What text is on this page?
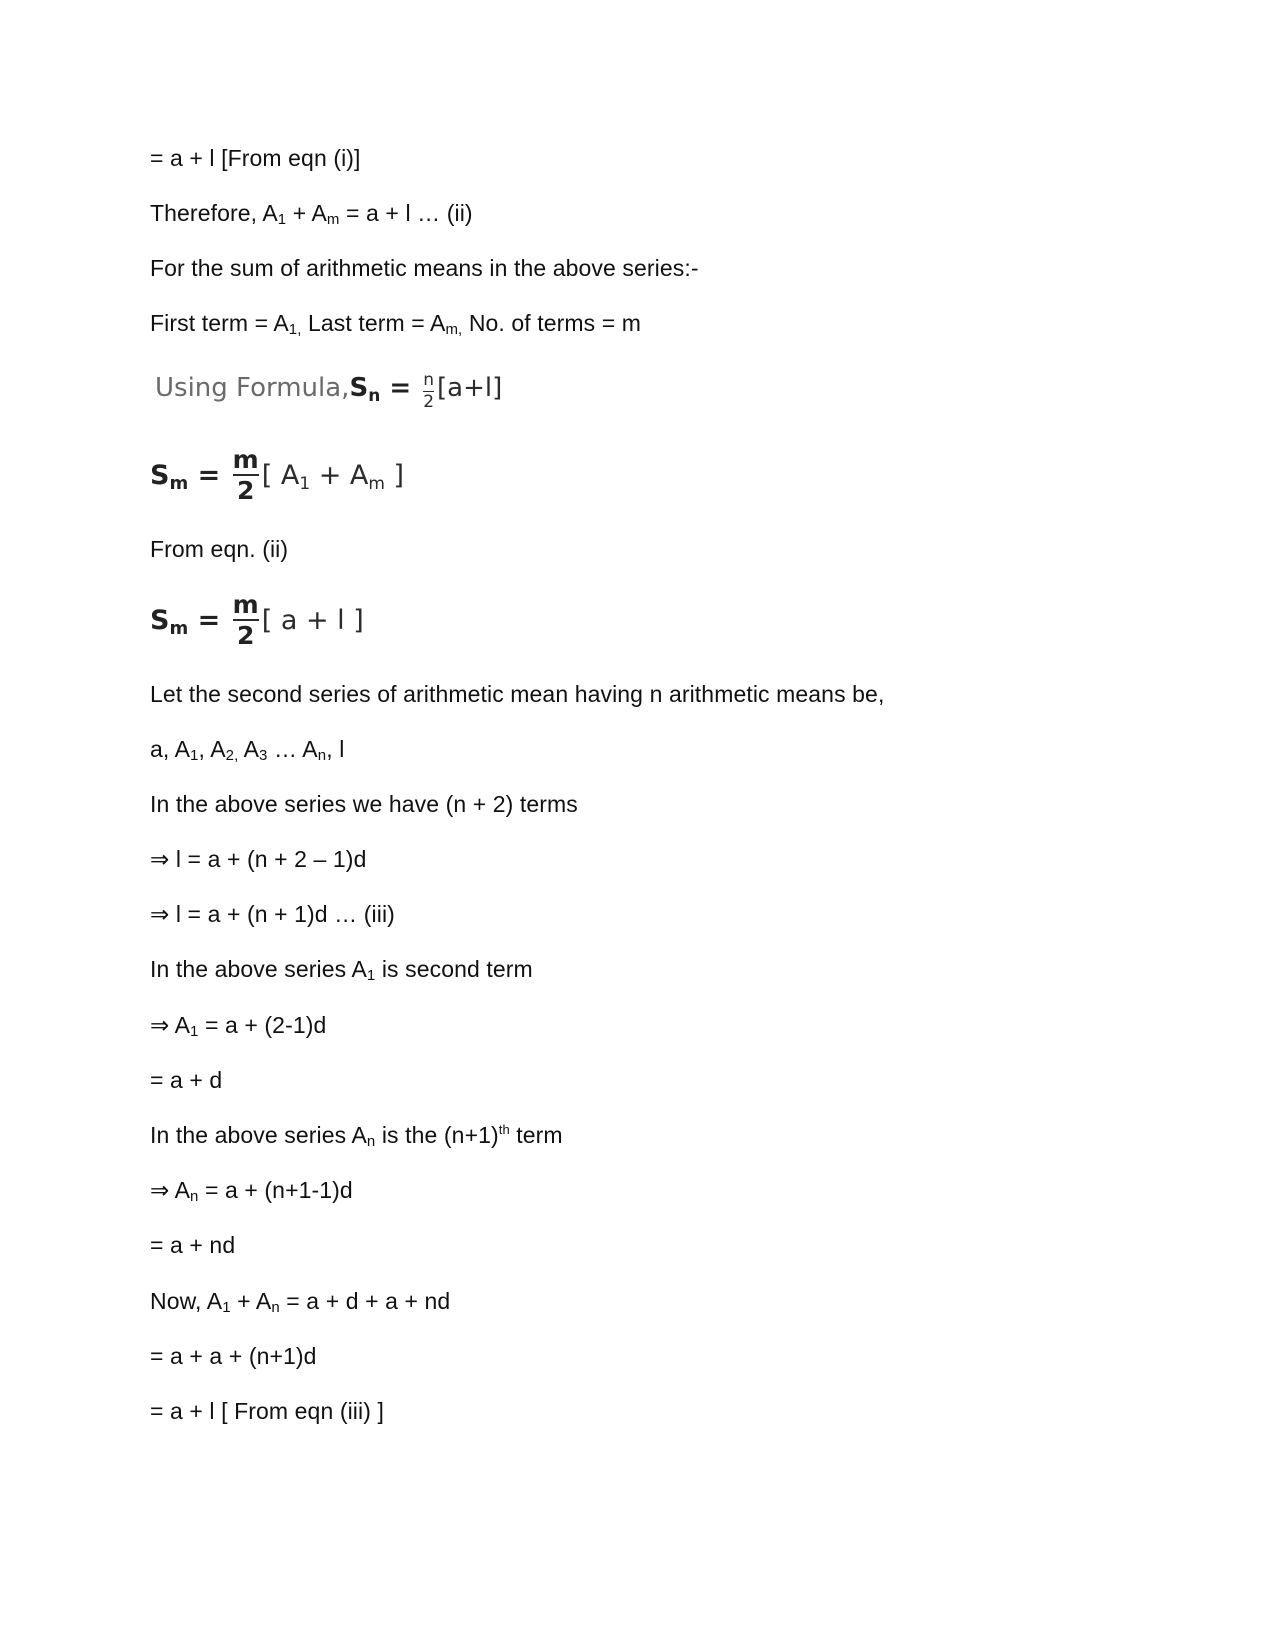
= a + l [From eqn (i)]
Therefore, A1 + Am = a + l … (ii)
For the sum of arithmetic means in the above series:-
First term = A1, Last term = Am, No. of terms = m
Using Formula, $Sn = \frac{n}{2} [a+l]$
$Sm = \frac{m}{2}$ [ A1 + Am ]
From eqn. (ii)
$Sm = \frac{m}{2}$ [ a + l ]
Let the second series of arithmetic mean having n arithmetic means be,
a, A1, A2, A3 … An, l
In the above series we have (n + 2) terms
⇒ l = a + (n + 2 – 1)d
⇒ l = a + (n + 1)d … (iii)
In the above series A1 is second term
⇒ A1 = a + (2-1)d
= a + d
In the above series An is the $(n+1)^{th}$ term
⇒ An = a + (n+1-1)d
= a + nd
Now, A1 + An = a + d + a + nd
= a + a + (n+1)d
= a + l [ From eqn (iii) ]
